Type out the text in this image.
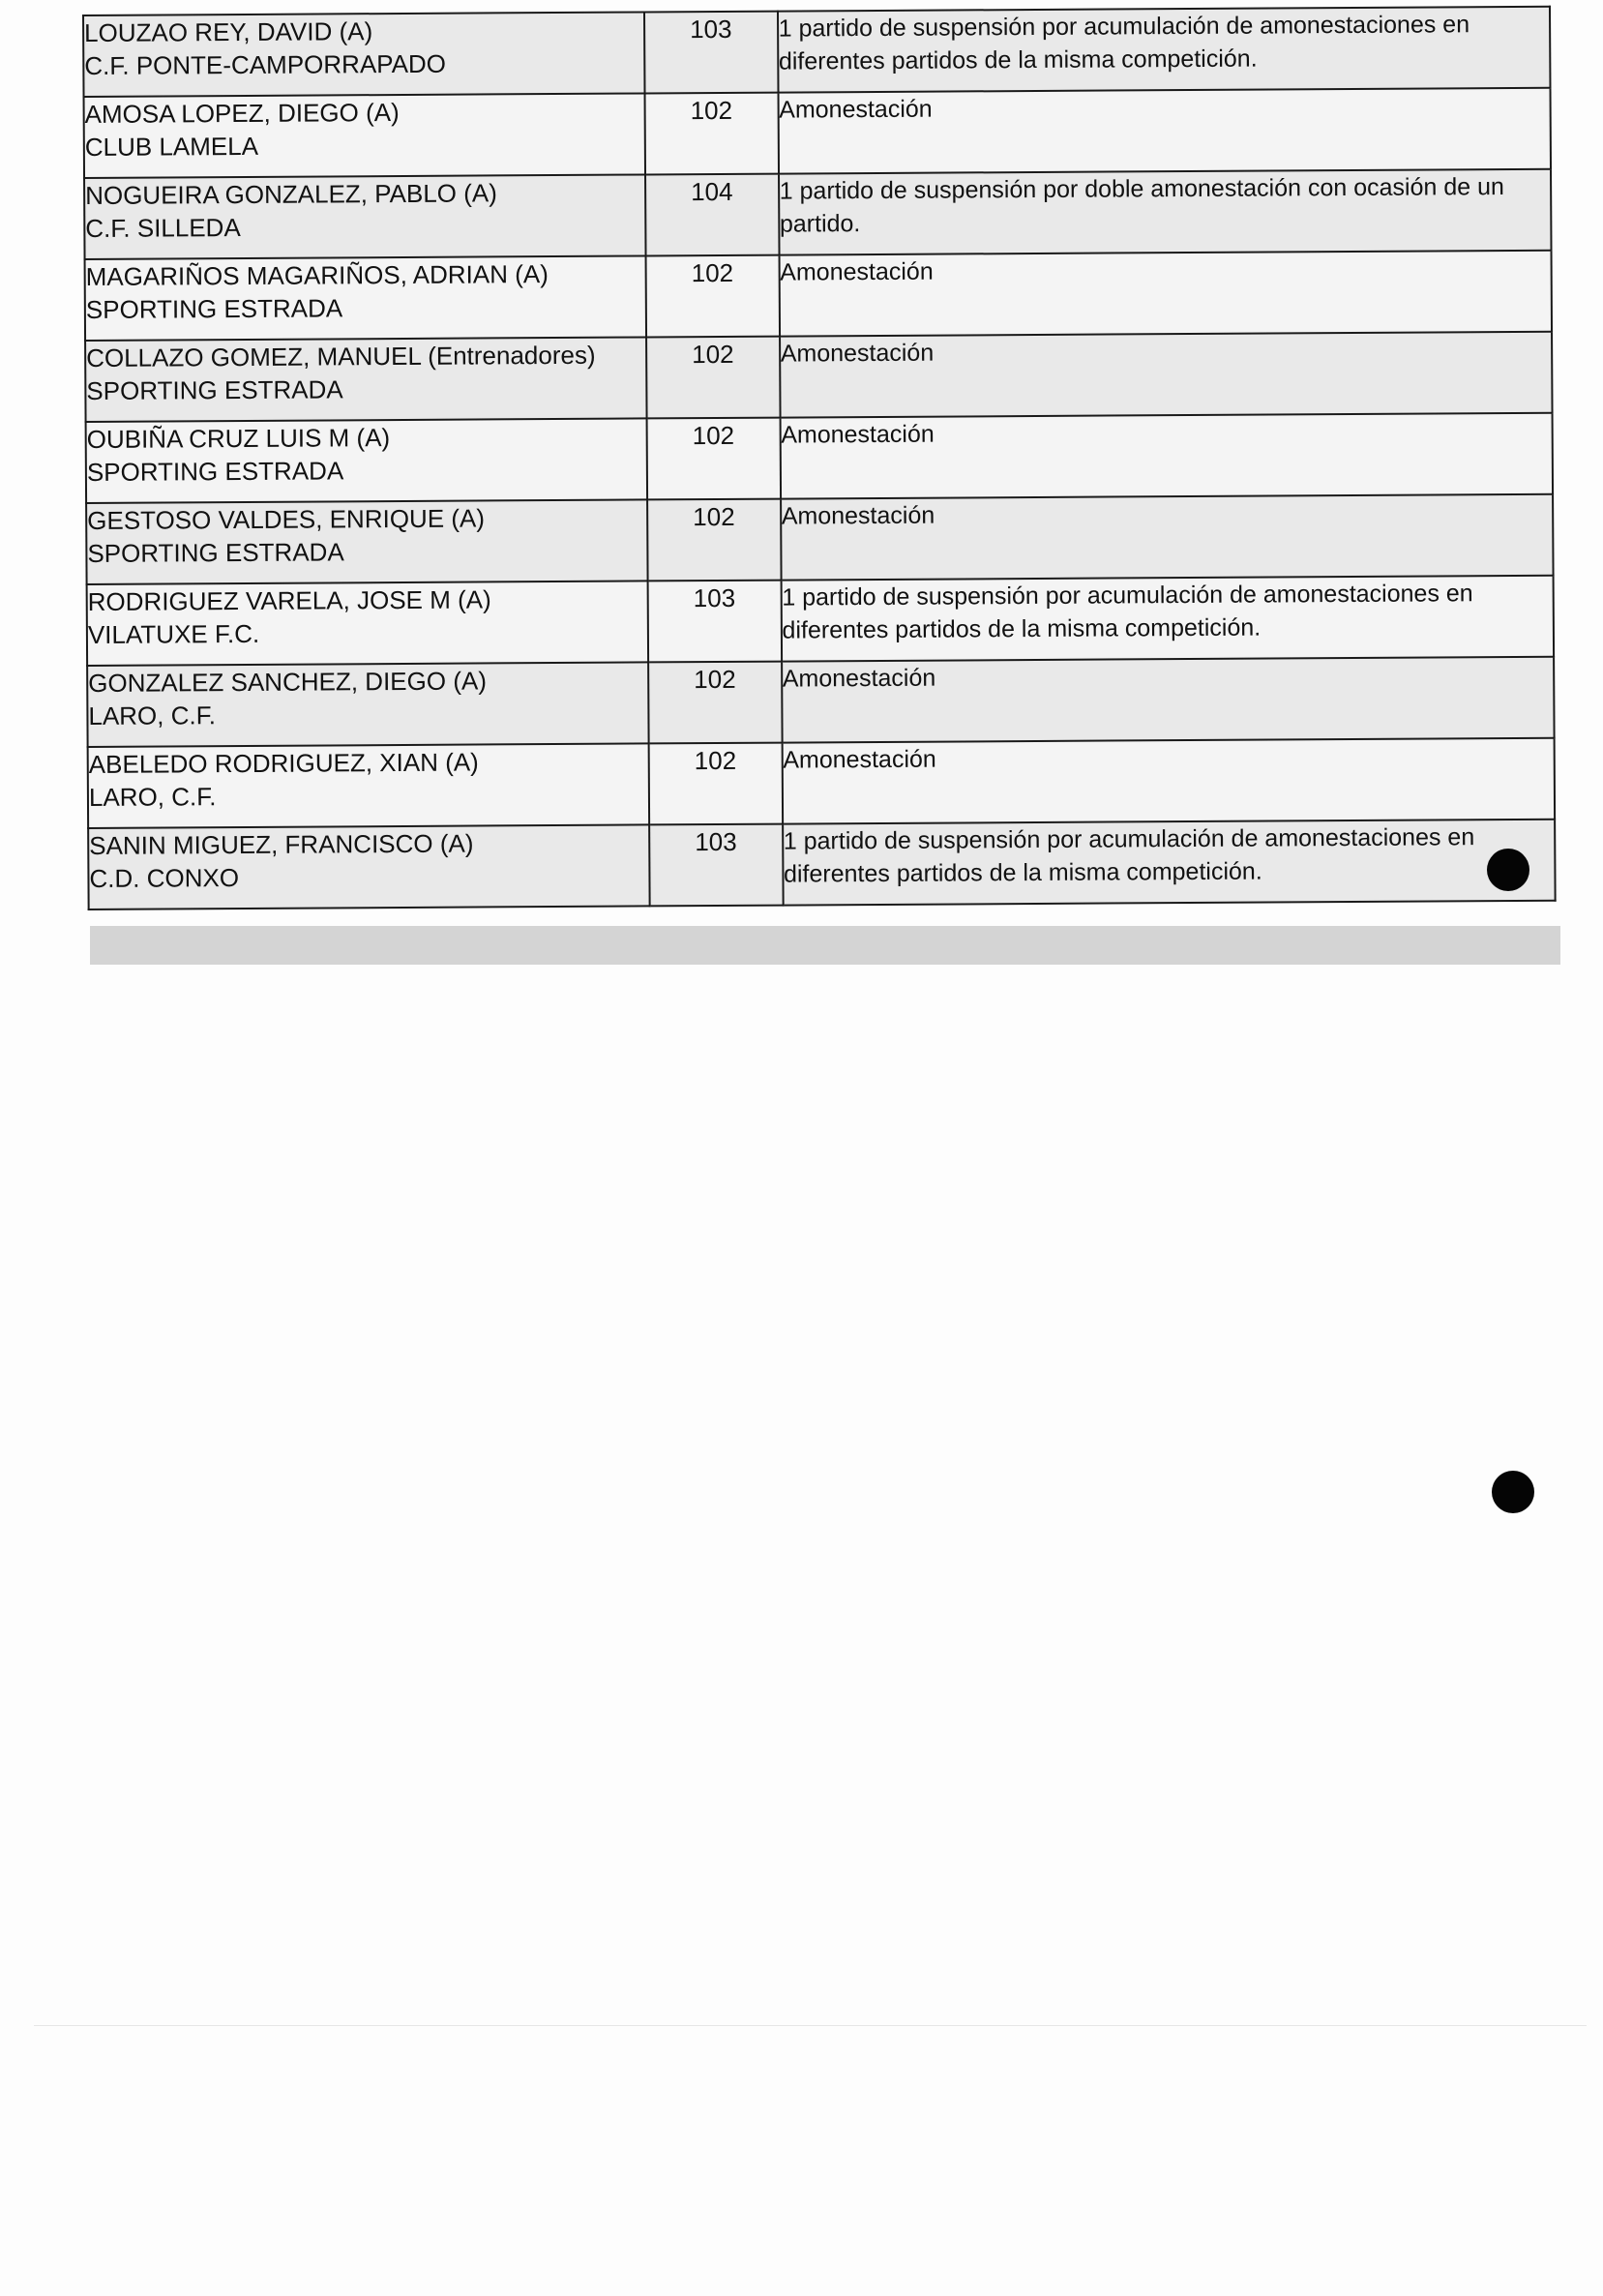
LOUZAO REY, DAVID (A)
C.F. PONTE-CAMPORRAPADO	103	1 partido de suspensión por acumulación de amonestaciones en diferentes partidos de la misma competición.

AMOSA LOPEZ, DIEGO (A)
CLUB LAMELA	102	Amonestación

NOGUEIRA GONZALEZ, PABLO (A)
C.F. SILLEDA	104	1 partido de suspensión por doble amonestación con ocasión de un partido.

MAGARIÑOS MAGARIÑOS, ADRIAN (A)
SPORTING ESTRADA	102	Amonestación

COLLAZO GOMEZ, MANUEL (Entrenadores)
SPORTING ESTRADA	102	Amonestación

OUBIÑA CRUZ LUIS M (A)
SPORTING ESTRADA	102	Amonestación

GESTOSO VALDES, ENRIQUE (A)
SPORTING ESTRADA	102	Amonestación

RODRIGUEZ VARELA, JOSE M (A)
VILATUXE F.C.	103	1 partido de suspensión por acumulación de amonestaciones en diferentes partidos de la misma competición.

GONZALEZ SANCHEZ, DIEGO (A)
LARO, C.F.	102	Amonestación

ABELEDO RODRIGUEZ, XIAN (A)
LARO, C.F.	102	Amonestación

SANIN MIGUEZ, FRANCISCO (A)
C.D. CONXO	103	1 partido de suspensión por acumulación de amonestaciones en diferentes partidos de la misma competición.
